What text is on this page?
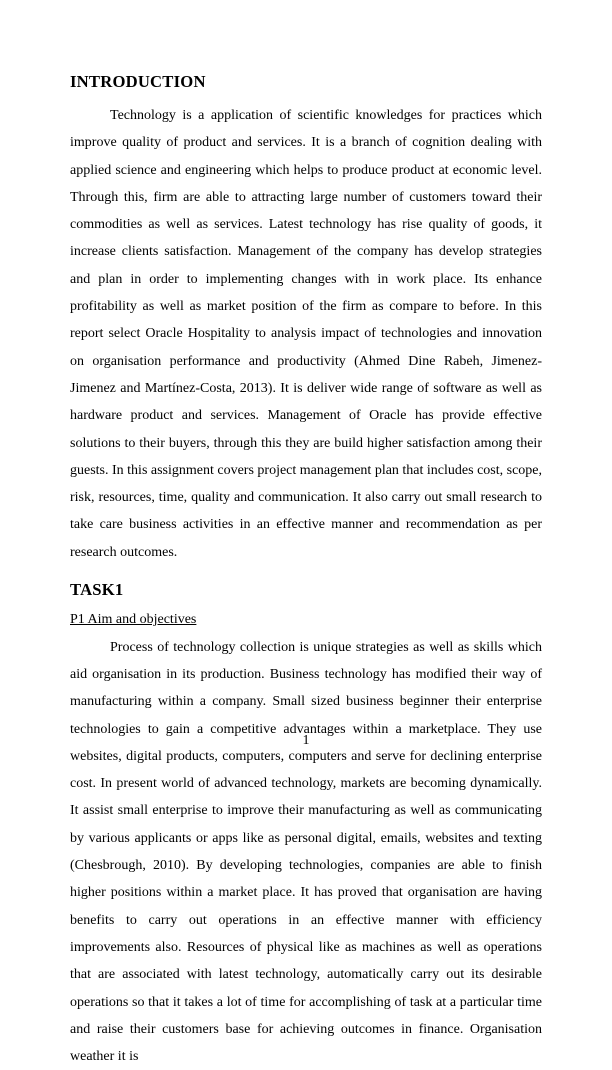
INTRODUCTION

Technology is a application of scientific knowledges for practices which improve quality of product and services. It is a branch of cognition dealing with applied science and engineering which helps to produce product at economic level. Through this, firm are able to attracting large number of customers toward their commodities as well as services. Latest technology has rise quality of goods, it increase clients satisfaction. Management of the company has develop strategies and plan in order to implementing changes with in work place. Its enhance profitability as well as market position of the firm as compare to before. In this report select Oracle Hospitality to analysis impact of technologies and innovation on organisation performance and productivity (Ahmed Dine Rabeh, Jimenez-Jimenez and Martínez-Costa, 2013). It is deliver wide range of software as well as hardware product and services. Management of Oracle has provide effective solutions to their buyers, through this they are build higher satisfaction among their guests. In this assignment covers project management plan that includes cost, scope, risk, resources, time, quality and communication. It also carry out small research to take care business activities in an effective manner and recommendation as per research outcomes.

TASK1
P1 Aim and objectives

Process of technology collection is unique strategies as well as skills which aid organisation in its production. Business technology has modified their way of manufacturing within a company. Small sized business beginner their enterprise technologies to gain a competitive advantages within a marketplace. They use websites, digital products, computers, computers and serve for declining enterprise cost. In present world of advanced technology, markets are becoming dynamically. It assist small enterprise to improve their manufacturing as well as communicating by various applicants or apps like as personal digital, emails, websites and texting (Chesbrough, 2010). By developing technologies, companies are able to finish higher positions within a market place. It has proved that organisation are having benefits to carry out operations in an effective manner with efficiency improvements also. Resources of physical like as machines as well as operations that are associated with latest technology, automatically carry out its desirable operations so that it takes a lot of time for accomplishing of task at a particular time and raise their customers base for achieving outcomes in finance. Organisation weather it is

1
